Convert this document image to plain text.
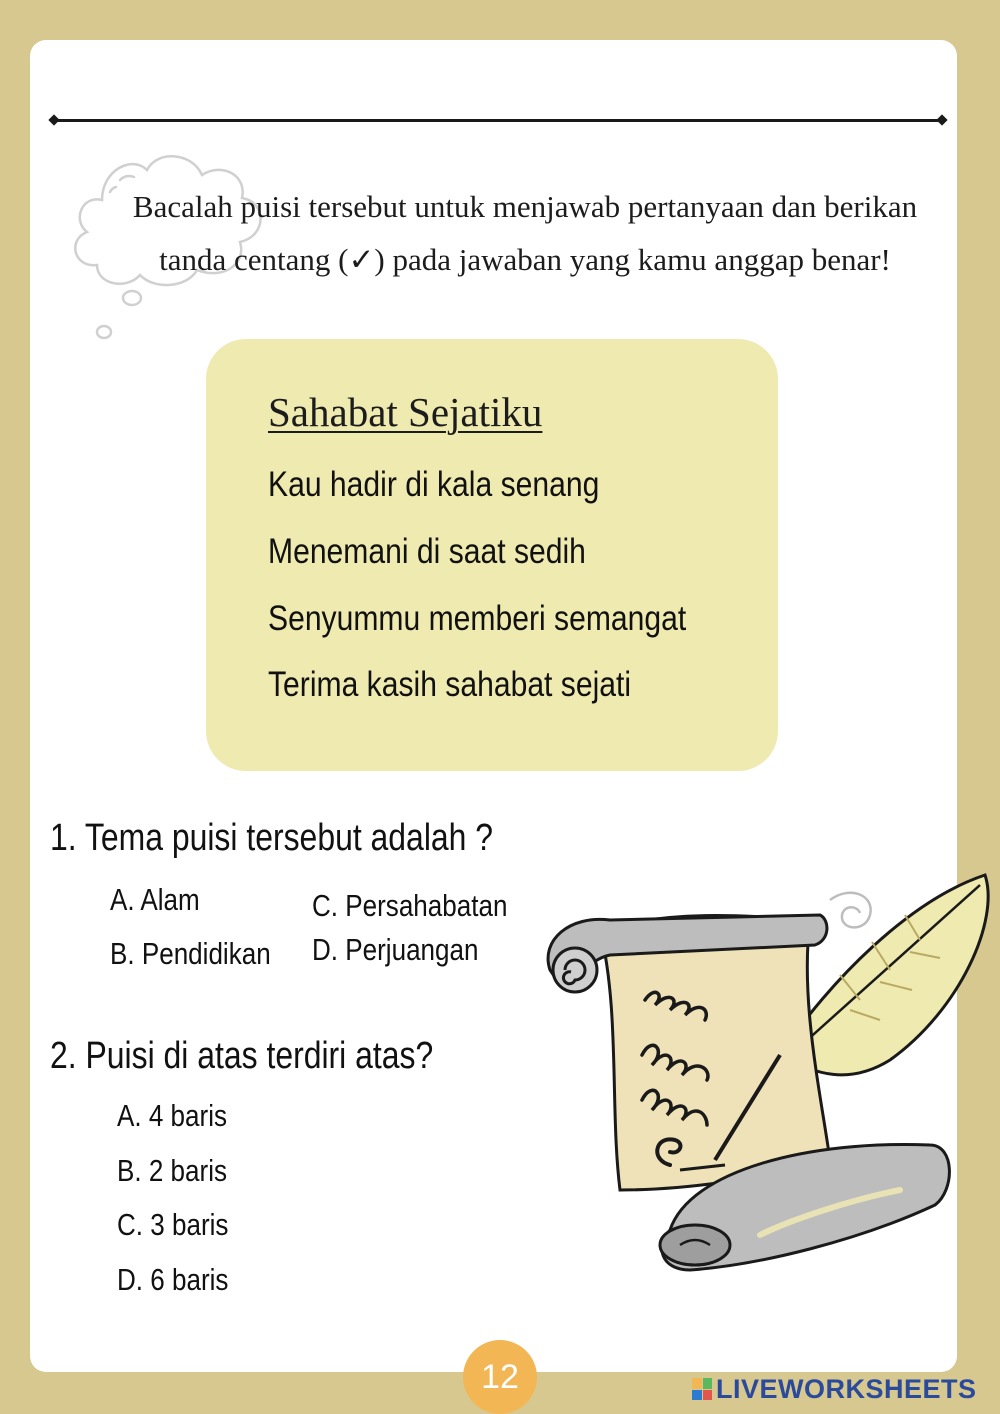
Bacalah puisi tersebut untuk menjawab pertanyaan dan berikan
tanda centang (✓) pada jawaban yang kamu anggap benar!
Sahabat Sejatiku
Kau hadir di kala senang
Menemani di saat sedih
Senyummu memberi semangat
Terima kasih sahabat sejati
1. Tema puisi tersebut adalah ?
A. Alam
B. Pendidikan
C. Persahabatan
D. Perjuangan
2. Puisi di atas terdiri atas?
A. 4 baris
B. 2 baris
C. 3 baris
D. 6 baris
12	LIVEWORKSHEETS
